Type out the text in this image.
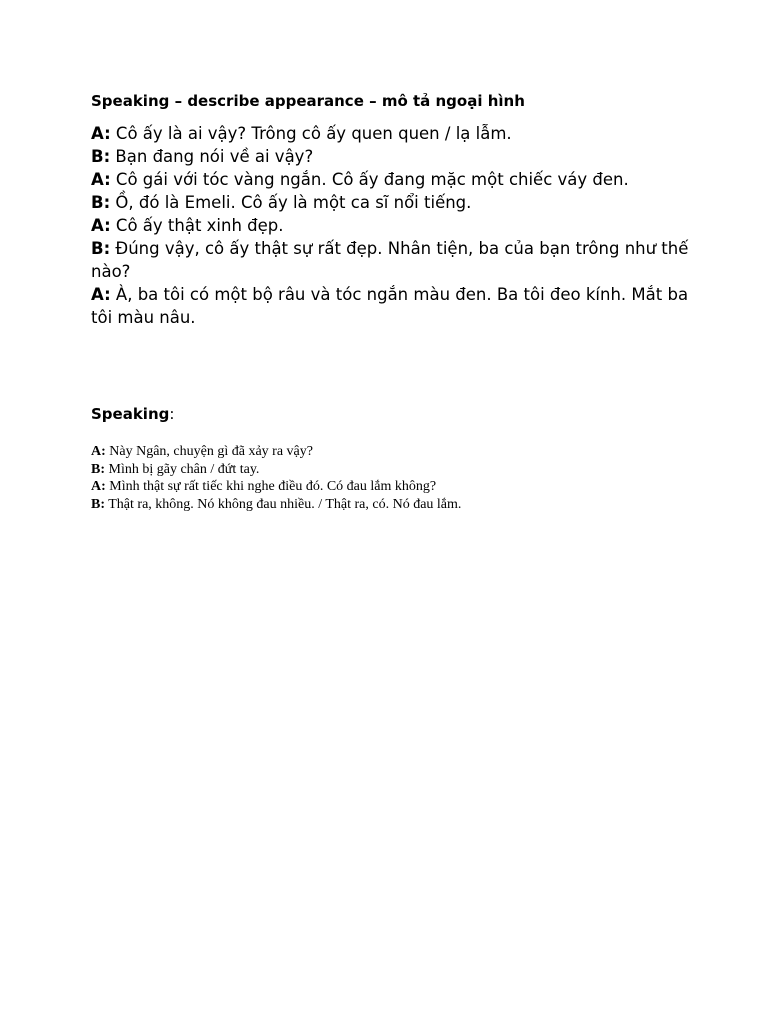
Speaking – describe appearance – mô tả ngoại hình
A: Cô ấy là ai vậy? Trông cô ấy quen quen / lạ lẫm.
B: Bạn đang nói về ai vậy?
A: Cô gái với tóc vàng ngắn. Cô ấy đang mặc một chiếc váy đen.
B: Ồ, đó là Emeli. Cô ấy là một ca sĩ nổi tiếng.
A: Cô ấy thật xinh đẹp.
B: Đúng vậy, cô ấy thật sự rất đẹp. Nhân tiện, ba của bạn trông như thế nào?
A: À, ba tôi có một bộ râu và tóc ngắn màu đen. Ba tôi đeo kính. Mắt ba tôi màu nâu.
Speaking:
A: Này Ngân, chuyện gì đã xảy ra vậy?
B: Mình bị gãy chân / đứt tay.
A: Mình thật sự rất tiếc khi nghe điều đó. Có đau lắm không?
B: Thật ra, không. Nó không đau nhiều. / Thật ra, có. Nó đau lắm.
